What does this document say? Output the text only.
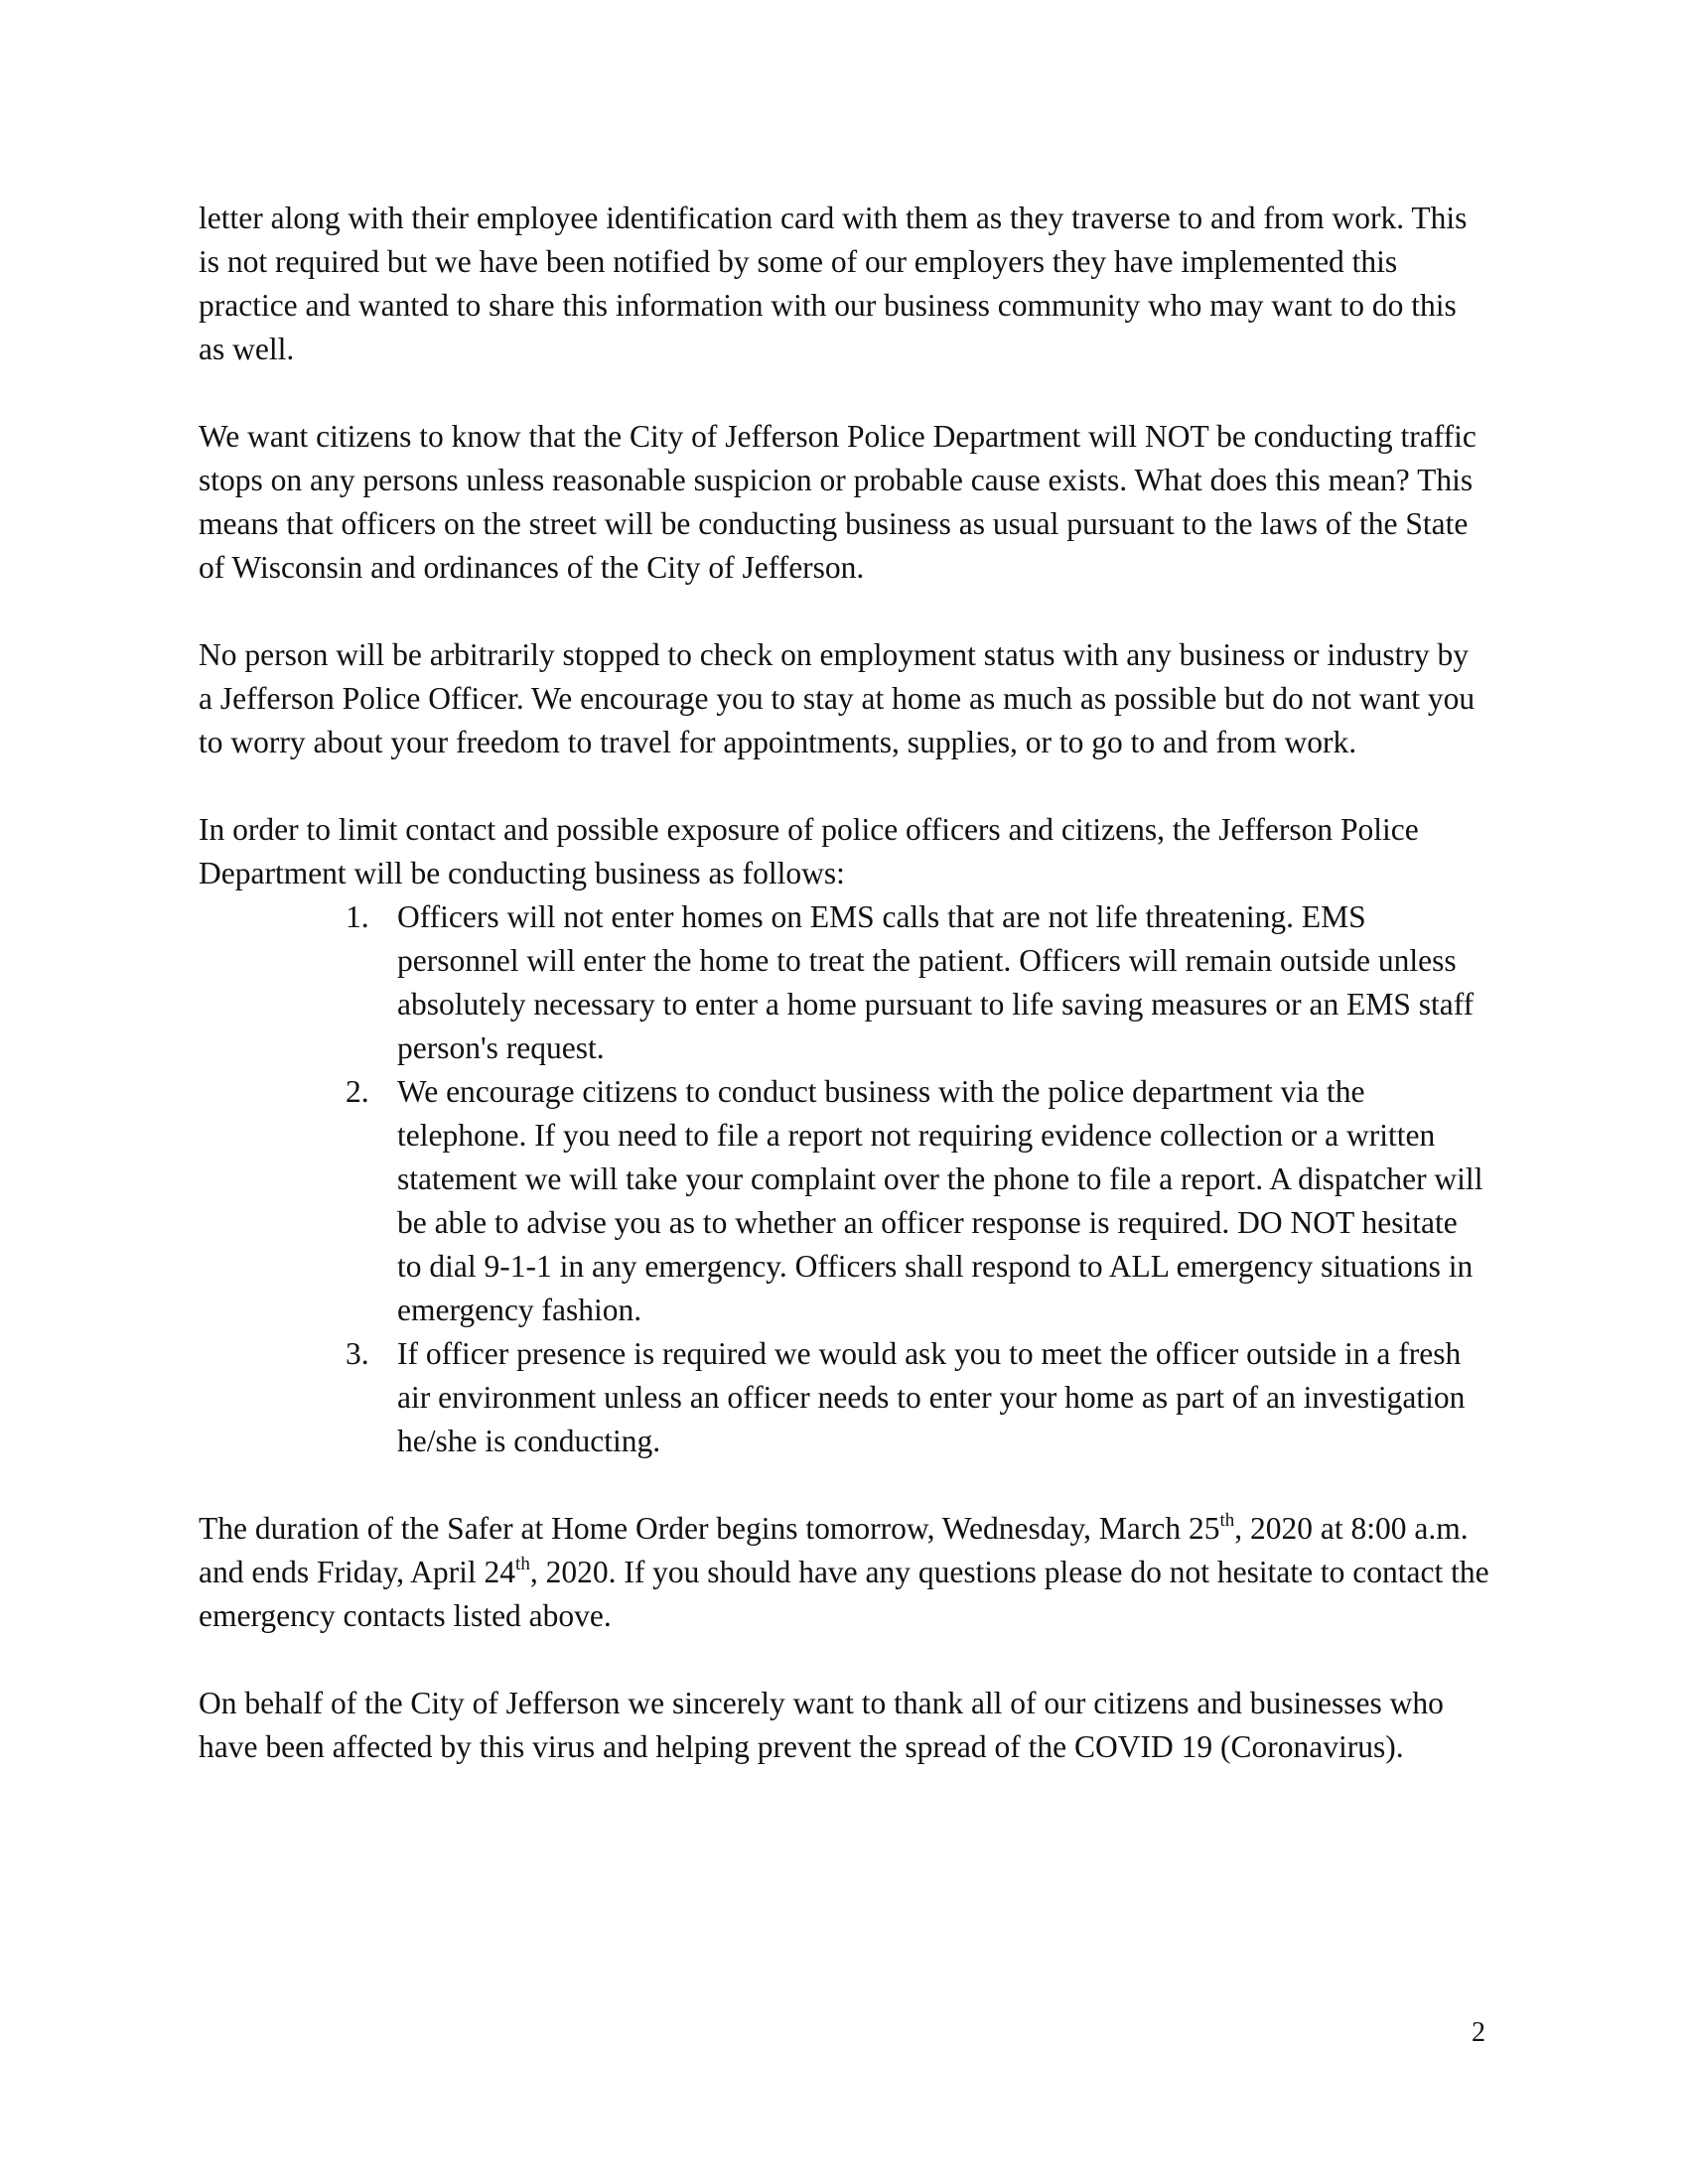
letter along with their employee identification card with them as they traverse to and from work. This is not required but we have been notified by some of our employers they have implemented this practice and wanted to share this information with our business community who may want to do this as well.

We want citizens to know that the City of Jefferson Police Department will NOT be conducting traffic stops on any persons unless reasonable suspicion or probable cause exists. What does this mean? This means that officers on the street will be conducting business as usual pursuant to the laws of the State of Wisconsin and ordinances of the City of Jefferson.

No person will be arbitrarily stopped to check on employment status with any business or industry by a Jefferson Police Officer. We encourage you to stay at home as much as possible but do not want you to worry about your freedom to travel for appointments, supplies, or to go to and from work.

In order to limit contact and possible exposure of police officers and citizens, the Jefferson Police Department will be conducting business as follows:

1. Officers will not enter homes on EMS calls that are not life threatening. EMS personnel will enter the home to treat the patient. Officers will remain outside unless absolutely necessary to enter a home pursuant to life saving measures or an EMS staff person's request.
2. We encourage citizens to conduct business with the police department via the telephone. If you need to file a report not requiring evidence collection or a written statement we will take your complaint over the phone to file a report. A dispatcher will be able to advise you as to whether an officer response is required. DO NOT hesitate to dial 9-1-1 in any emergency. Officers shall respond to ALL emergency situations in emergency fashion.
3. If officer presence is required we would ask you to meet the officer outside in a fresh air environment unless an officer needs to enter your home as part of an investigation he/she is conducting.

The duration of the Safer at Home Order begins tomorrow, Wednesday, March 25th, 2020 at 8:00 a.m. and ends Friday, April 24th, 2020. If you should have any questions please do not hesitate to contact the emergency contacts listed above.

On behalf of the City of Jefferson we sincerely want to thank all of our citizens and businesses who have been affected by this virus and helping prevent the spread of the COVID 19 (Coronavirus).

2
